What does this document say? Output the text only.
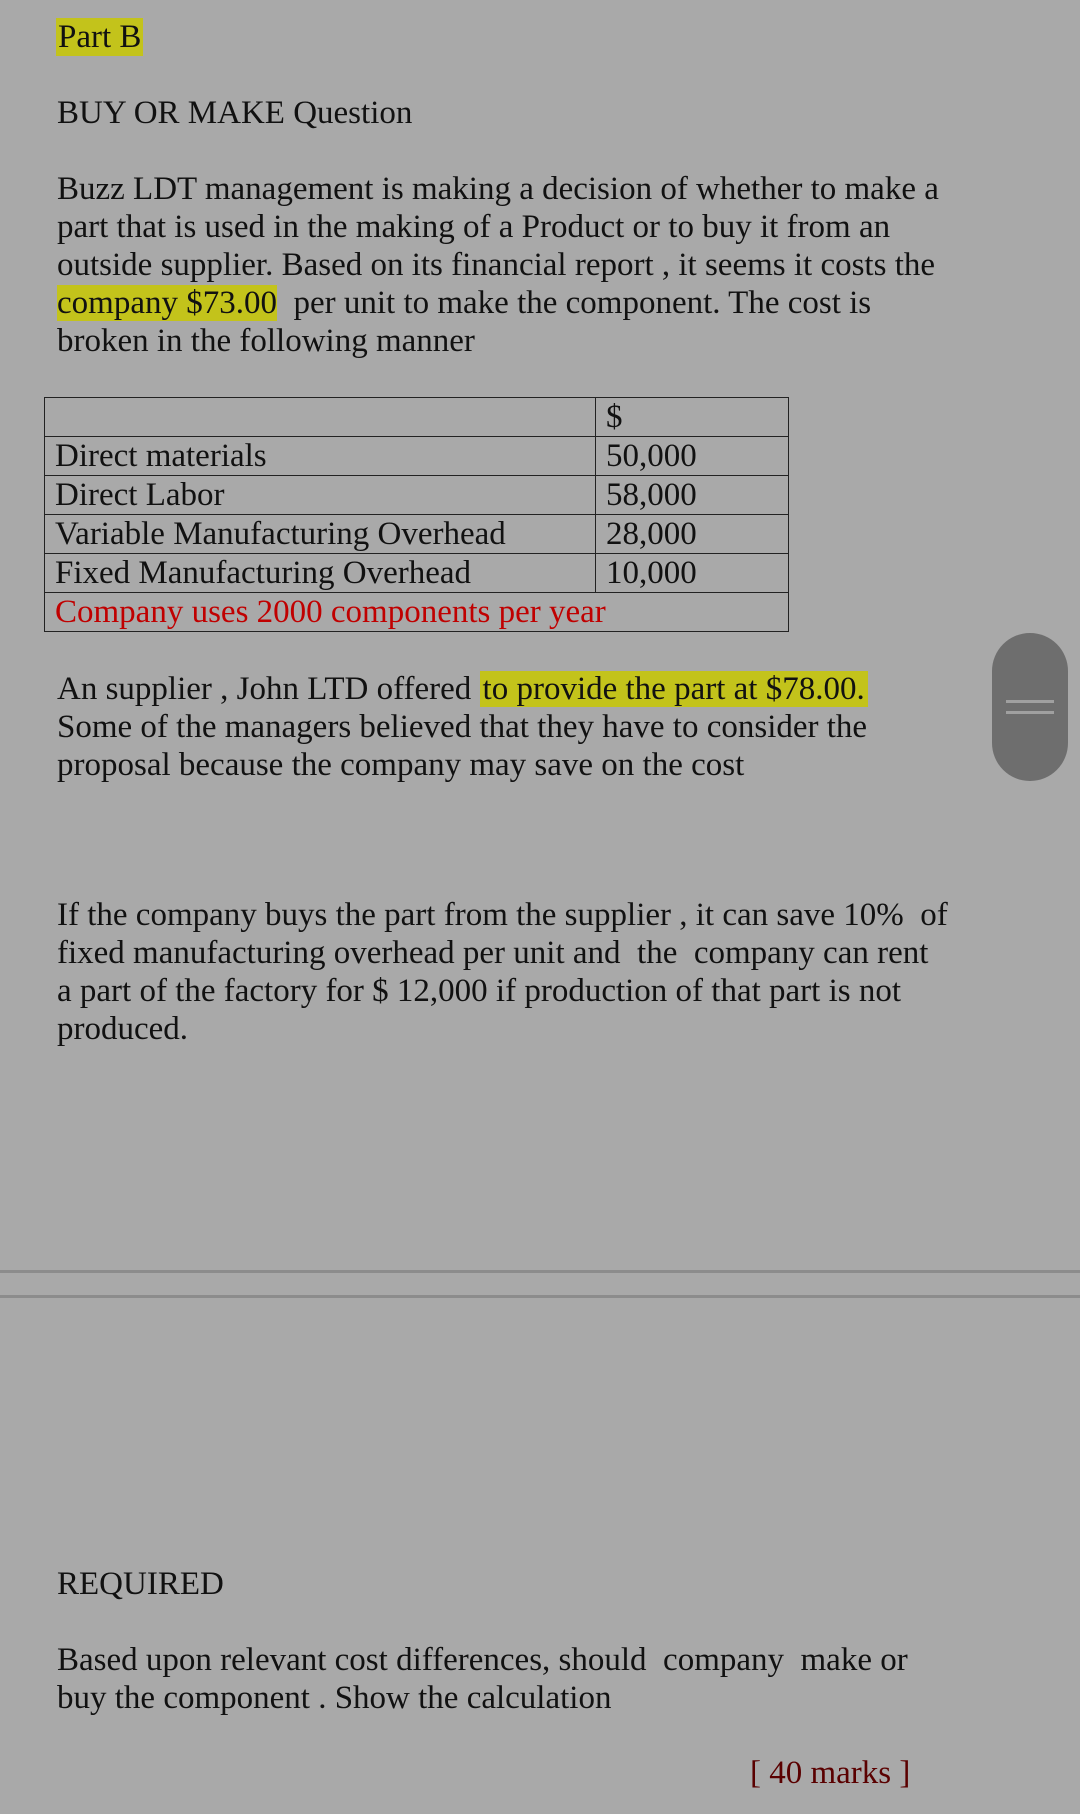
Part B
BUY OR MAKE Question
Buzz LDT management is making a decision of whether to make a
part that is used in the making of a Product or to buy it from an
outside supplier. Based on its financial report , it seems it costs the
company $73.00  per unit to make the component. The cost is
broken in the following manner
	$
Direct materials	50,000
Direct Labor	58,000
Variable Manufacturing Overhead	28,000
Fixed Manufacturing Overhead	10,000
Company uses 2000 components per year	
An supplier , John LTD offered to provide the part at $78.00.
Some of the managers believed that they have to consider the
proposal because the company may save on the cost
If the company buys the part from the supplier , it can save 10%  of
fixed manufacturing overhead per unit and  the  company can rent
a part of the factory for $ 12,000 if production of that part is not
produced.
REQUIRED
Based upon relevant cost differences, should  company  make or
buy the component . Show the calculation
[ 40 marks ]
